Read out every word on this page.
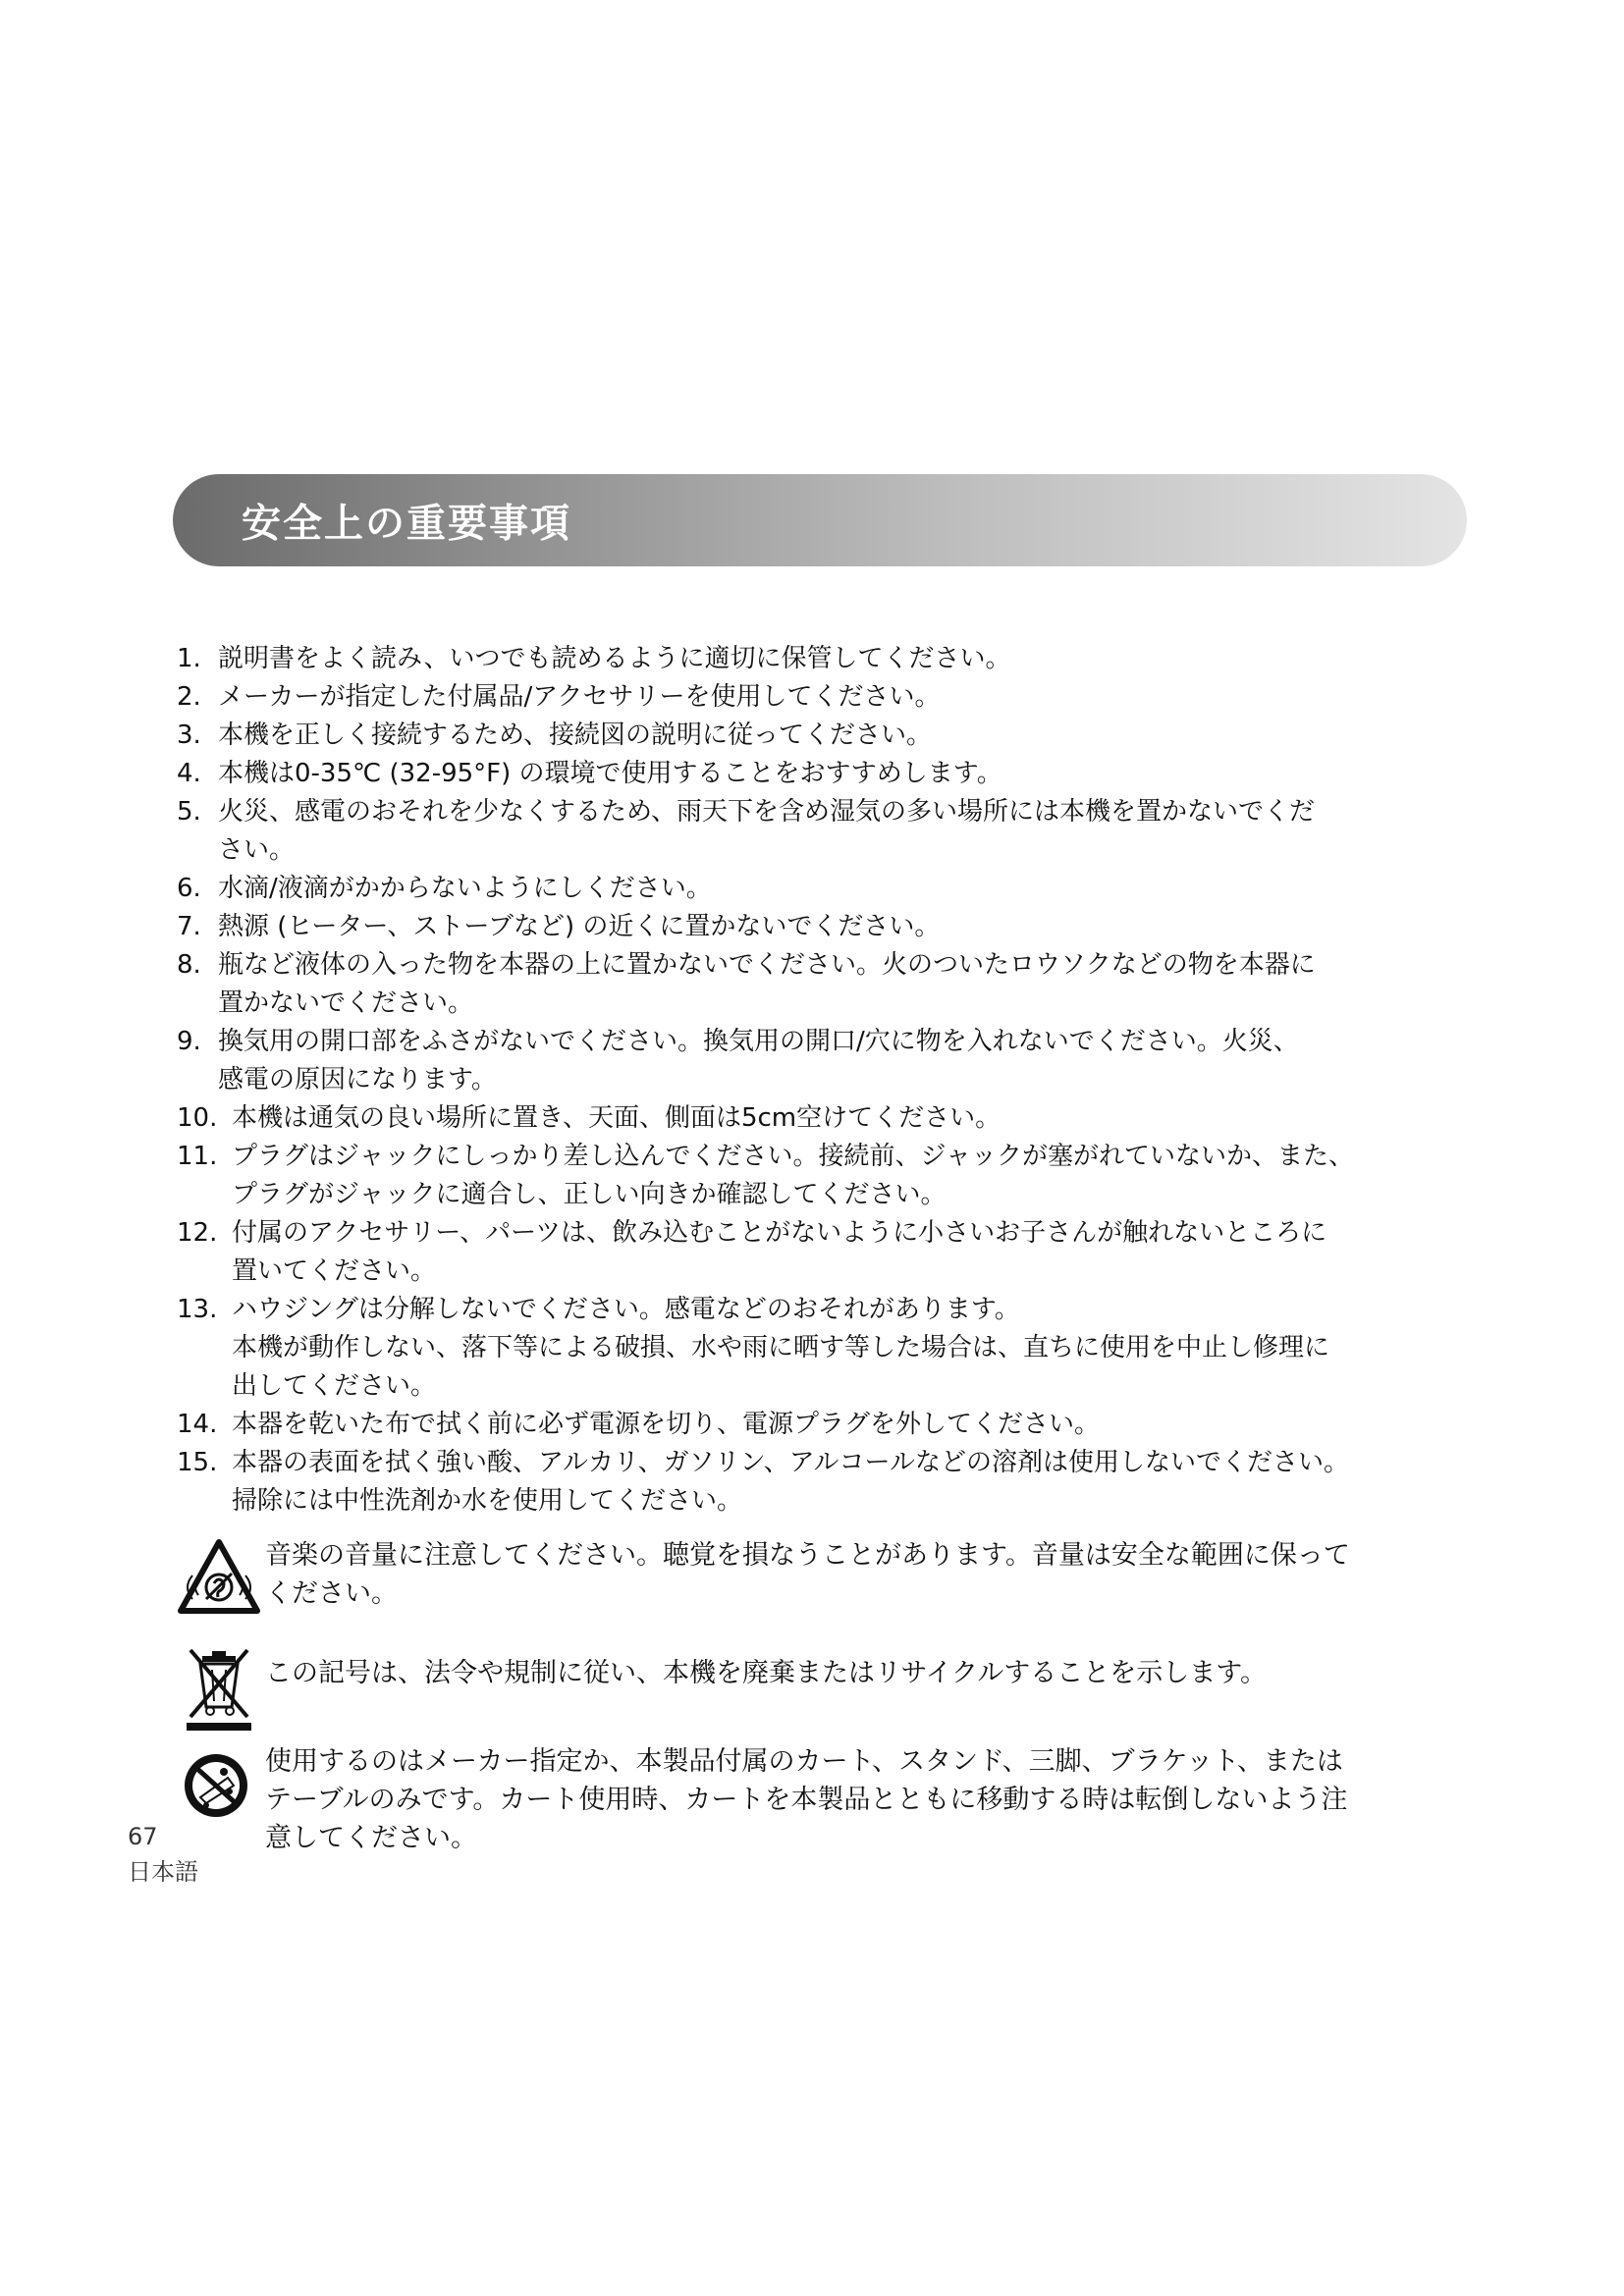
安全上の重要事項
1. 説明書をよく読み、いつでも読めるように適切に保管してください。
2. メーカーが指定した付属品/アクセサリーを使用してください。
3. 本機を正しく接続するため、接続図の説明に従ってください。
4. 本機は0-35℃ (32-95°F) の環境で使用することをおすすめします。
5. 火災、感電のおそれを少なくするため、雨天下を含め湿気の多い場所には本機を置かないでくだ
さい。
6. 水滴/液滴がかからないようにしください。
7. 熱源 (ヒーター、ストーブなど) の近くに置かないでください。
8. 瓶など液体の入った物を本器の上に置かないでください。火のついたロウソクなどの物を本器に
置かないでください。
9. 換気用の開口部をふさがないでください。換気用の開口/穴に物を入れないでください。火災、
感電の原因になります。
10. 本機は通気の良い場所に置き、天面、側面は5cm空けてください。
11. プラグはジャックにしっかり差し込んでください。接続前、ジャックが塞がれていないか、また、
プラグがジャックに適合し、正しい向きか確認してください。
12. 付属のアクセサリー、パーツは、飲み込むことがないように小さいお子さんが触れないところに
置いてください。
13. ハウジングは分解しないでください。感電などのおそれがあります。
本機が動作しない、落下等による破損、水や雨に晒す等した場合は、直ちに使用を中止し修理に
出してください。
14. 本器を乾いた布で拭く前に必ず電源を切り、電源プラグを外してください。
15. 本器の表面を拭く強い酸、アルカリ、ガソリン、アルコールなどの溶剤は使用しないでください。
掃除には中性洗剤か水を使用してください。
音楽の音量に注意してください。聴覚を損なうことがあります。音量は安全な範囲に保って
ください。
この記号は、法令や規制に従い、本機を廃棄またはリサイクルすることを示します。
使用するのはメーカー指定か、本製品付属のカート、スタンド、三脚、ブラケット、または
テーブルのみです。カート使用時、カートを本製品とともに移動する時は転倒しないよう注
意してください。
67
日本語
